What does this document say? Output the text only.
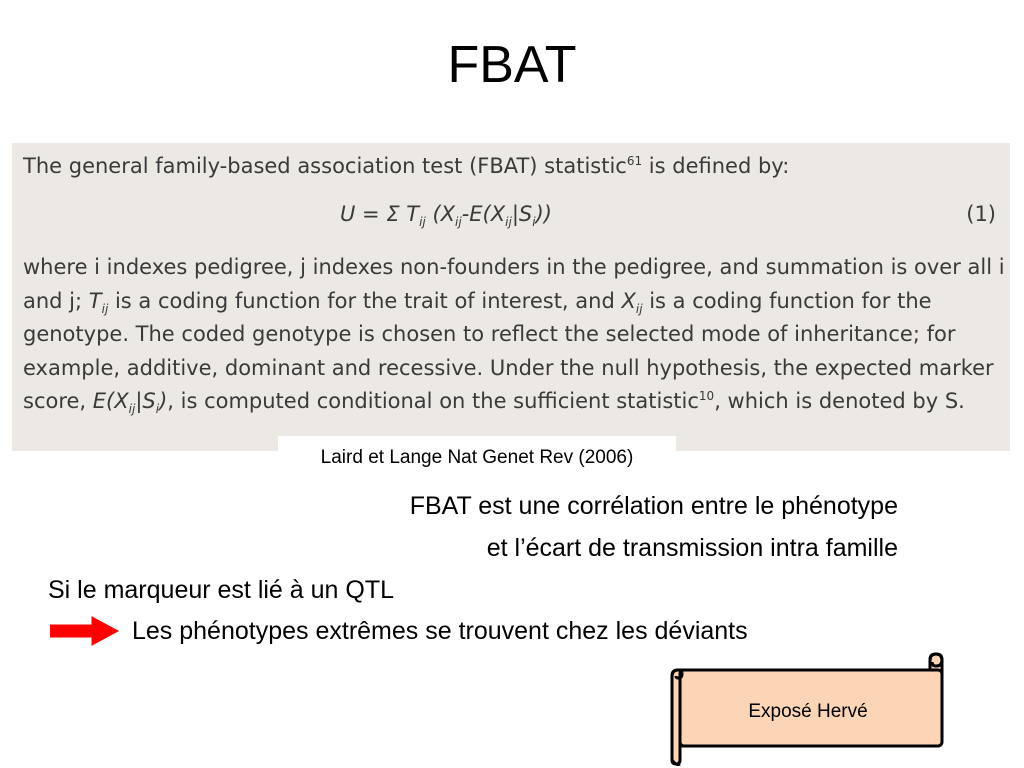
FBAT
The general family-based association test (FBAT) statistic$^{61}$ is defined by:
U = Σ $T_{ij}$ $(X_{ij}-E(X_{ij}|S_i))$	(1)
where i indexes pedigree, j indexes non-founders in the pedigree, and summation is over all i and j; $T_{ij}$ is a coding function for the trait of interest, and $X_{ij}$ is a coding function for the genotype. The coded genotype is chosen to reflect the selected mode of inheritance; for example, additive, dominant and recessive. Under the null hypothesis, the expected marker score, $E(X_{ij}|S_i)$, is computed conditional on the sufficient statistic$^{10}$, which is denoted by S.
Laird et Lange Nat Genet Rev (2006)
FBAT est une corrélation entre le phénotype
et l’écart de transmission intra famille
Si le marqueur est lié à un QTL
Les phénotypes extrêmes se trouvent chez les déviants
Exposé Hervé
